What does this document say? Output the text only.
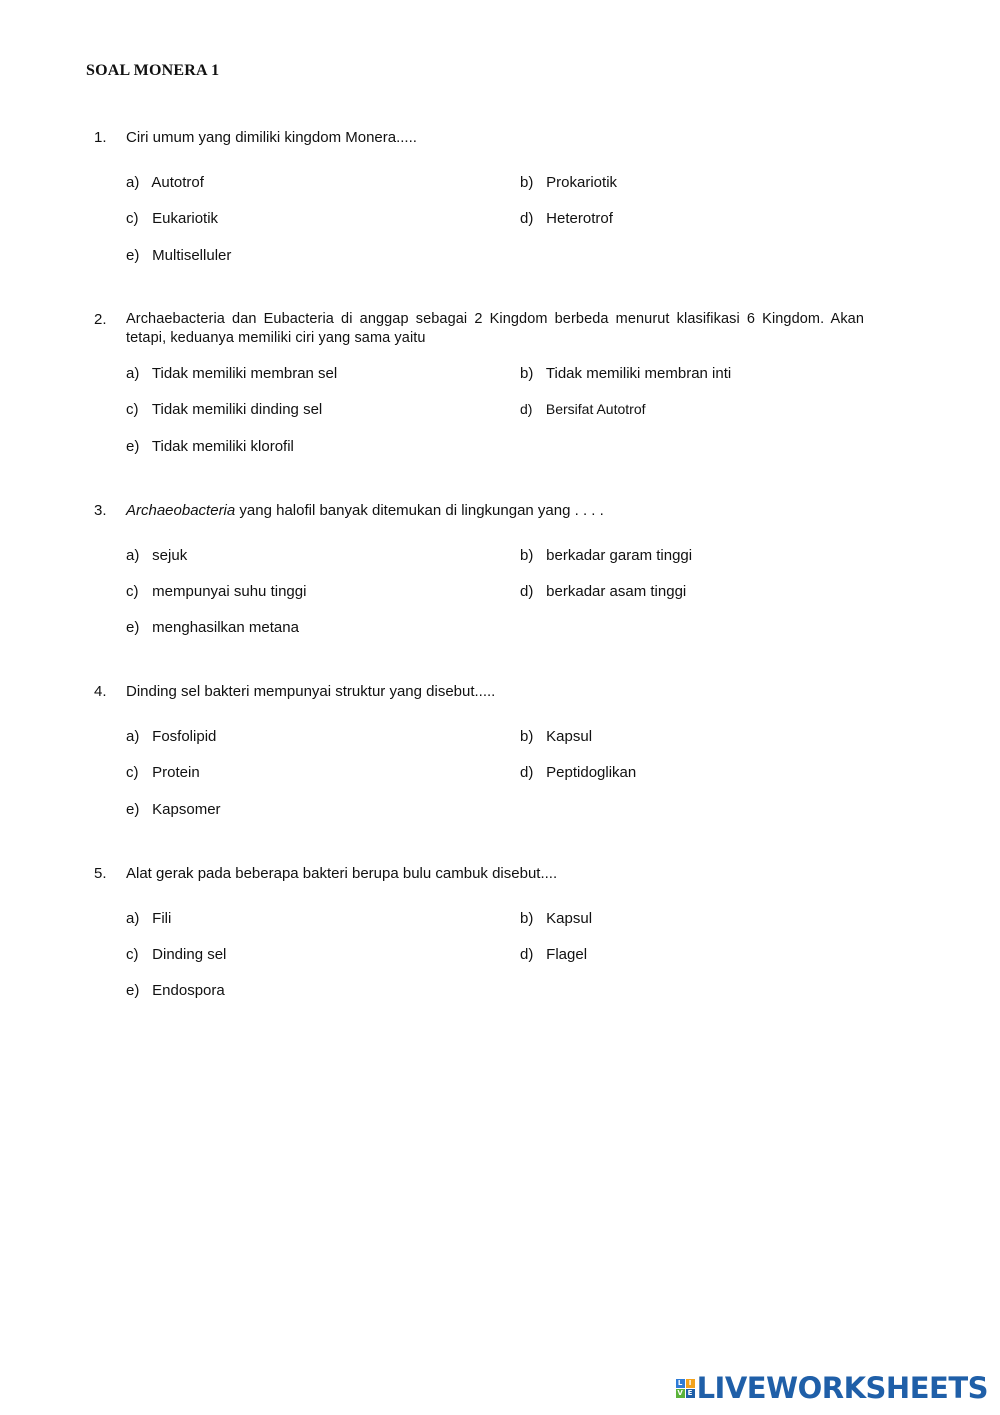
SOAL MONERA 1
1.	Ciri umum yang dimiliki kingdom Monera.....
a) Autotrof	b) Prokariotik
c) Eukariotik	d) Heterotrof
e) Multiselluler
2.	Archaebacteria dan Eubacteria di anggap sebagai 2 Kingdom berbeda menurut klasifikasi 6 Kingdom. Akan tetapi, keduanya memiliki ciri yang sama yaitu
a) Tidak memiliki membran sel	b) Tidak memiliki membran inti
c) Tidak memiliki dinding sel	d) Bersifat Autotrof
e) Tidak memiliki klorofil
3.	Archaeobacteria yang halofil banyak ditemukan di lingkungan yang . . . .
a) sejuk	b) berkadar garam tinggi
c) mempunyai suhu tinggi	d) berkadar asam tinggi
e) menghasilkan metana
4.	Dinding sel bakteri mempunyai struktur yang disebut.....
a) Fosfolipid	b) Kapsul
c) Protein	d) Peptidoglikan
e) Kapsomer
5.	Alat gerak pada beberapa bakteri berupa bulu cambuk disebut....
a) Fili	b) Kapsul
c) Dinding sel	d) Flagel
e) Endospora
L I
V E LIVEWORKSHEETS
